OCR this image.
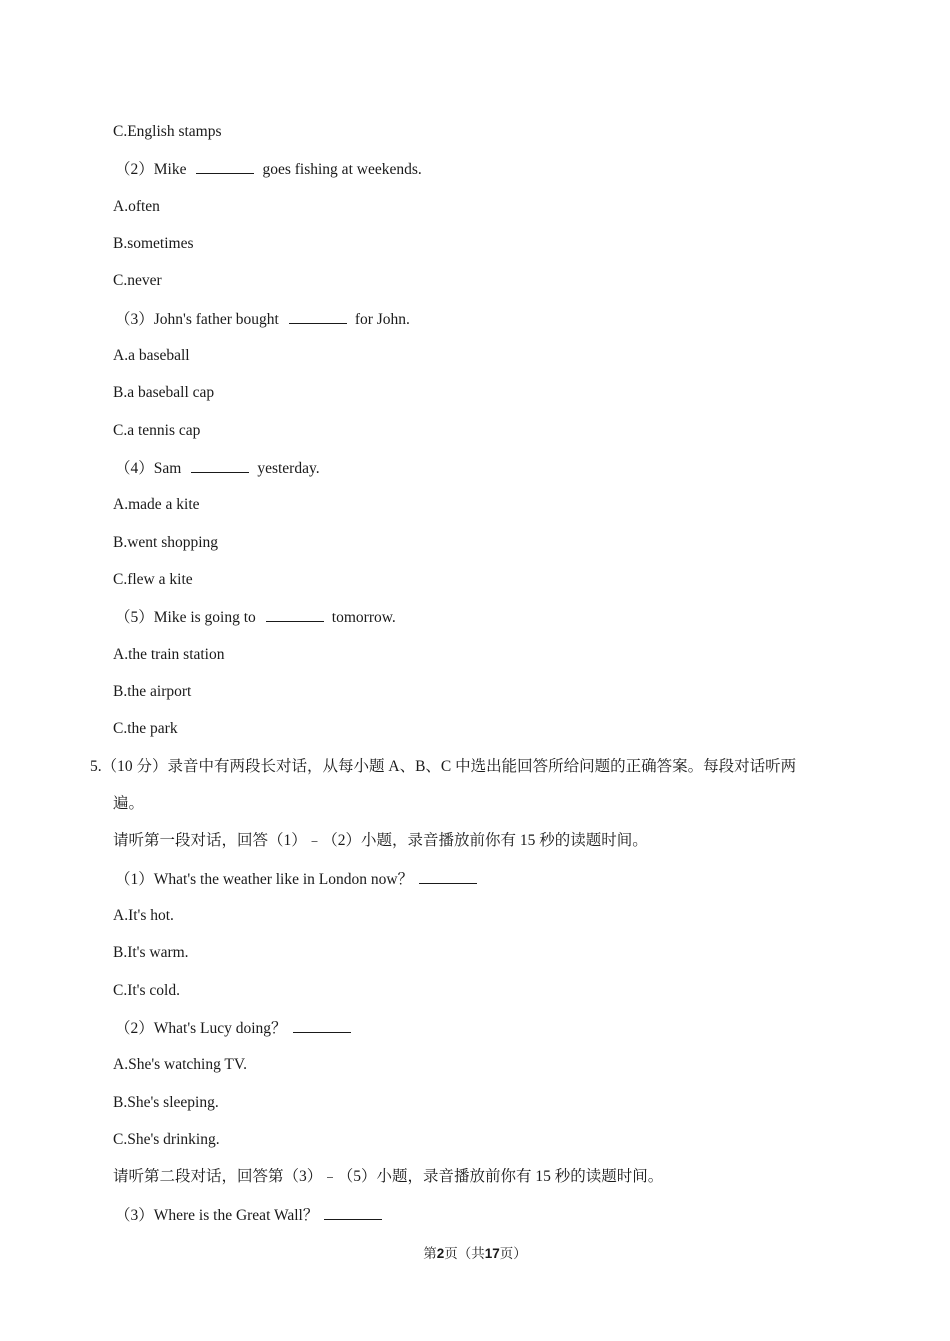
C.English stamps
（2）Mike	goes fishing at weekends.
A.often
B.sometimes
C.never
（3）John's father bought	for John.
A.a baseball
B.a baseball cap
C.a tennis cap
（4）Sam	yesterday.
A.made a kite
B.went shopping
C.flew a kite
（5）Mike is going to	tomorrow.
A.the train station
B.the airport
C.the park
5.（10 分）录音中有两段长对话，从每小题 A、B、C 中选出能回答所给问题的正确答案。每段对话听两
遍。
请听第一段对话，回答（1）﹣（2）小题，录音播放前你有 15 秒的读题时间。
（1）What's the weather like in London now？
A.It's hot.
B.It's warm.
C.It's cold.
（2）What's Lucy doing？
A.She's watching TV.
B.She's sleeping.
C.She's drinking.
请听第二段对话，回答第（3）﹣（5）小题，录音播放前你有 15 秒的读题时间。
（3）Where is the Great Wall？
第2页（共17页）
